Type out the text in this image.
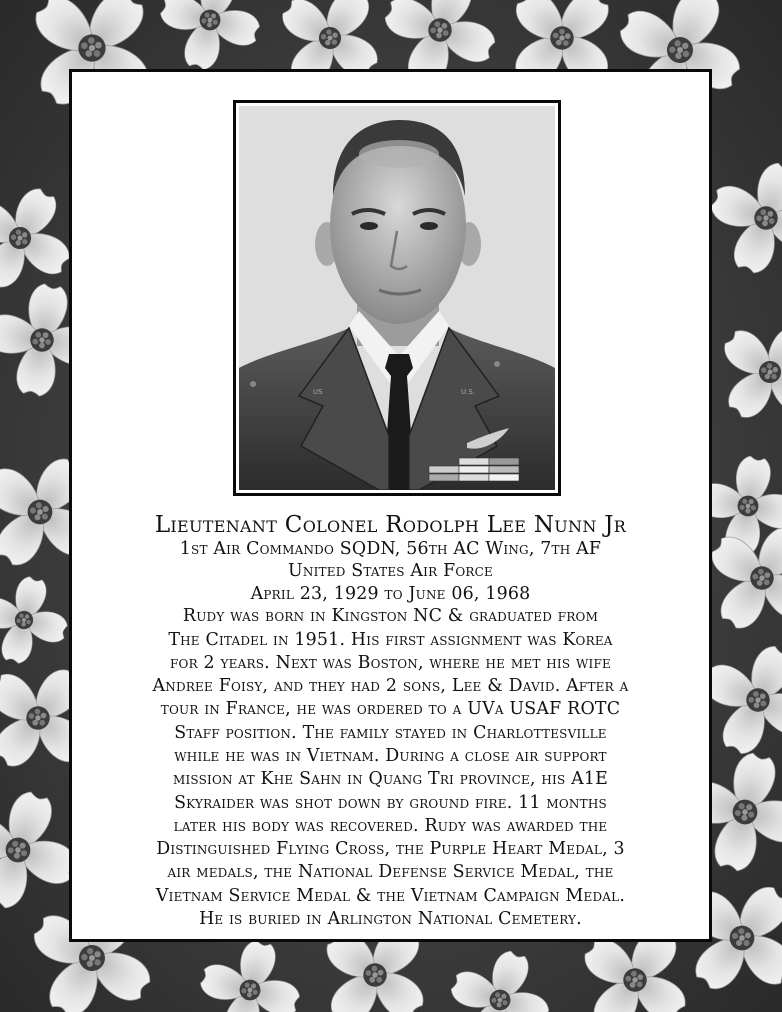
US	U.S.
Lieutenant Colonel Rodolph Lee Nunn Jr

1st Air Commando SQDN, 56th AC Wing, 7th AF

United States Air Force

April 23, 1929 to June 06, 1968

Rudy was born in Kingston NC & graduated from

The Citadel in 1951. His first assignment was Korea

for 2 years. Next was Boston, where he met his wife

Andree Foisy, and they had 2 sons, Lee & David. After a

tour in France, he was ordered to a UVa USAF ROTC

Staff position. The family stayed in Charlottesville

while he was in Vietnam. During a close air support

mission at Khe Sahn in Quang Tri province, his A1E

Skyraider was shot down by ground fire. 11 months

later his body was recovered. Rudy was awarded the

Distinguished Flying Cross, the Purple Heart Medal, 3

air medals, the National Defense Service Medal, the

Vietnam Service Medal & the Vietnam Campaign Medal.

He is buried in Arlington National Cemetery.
